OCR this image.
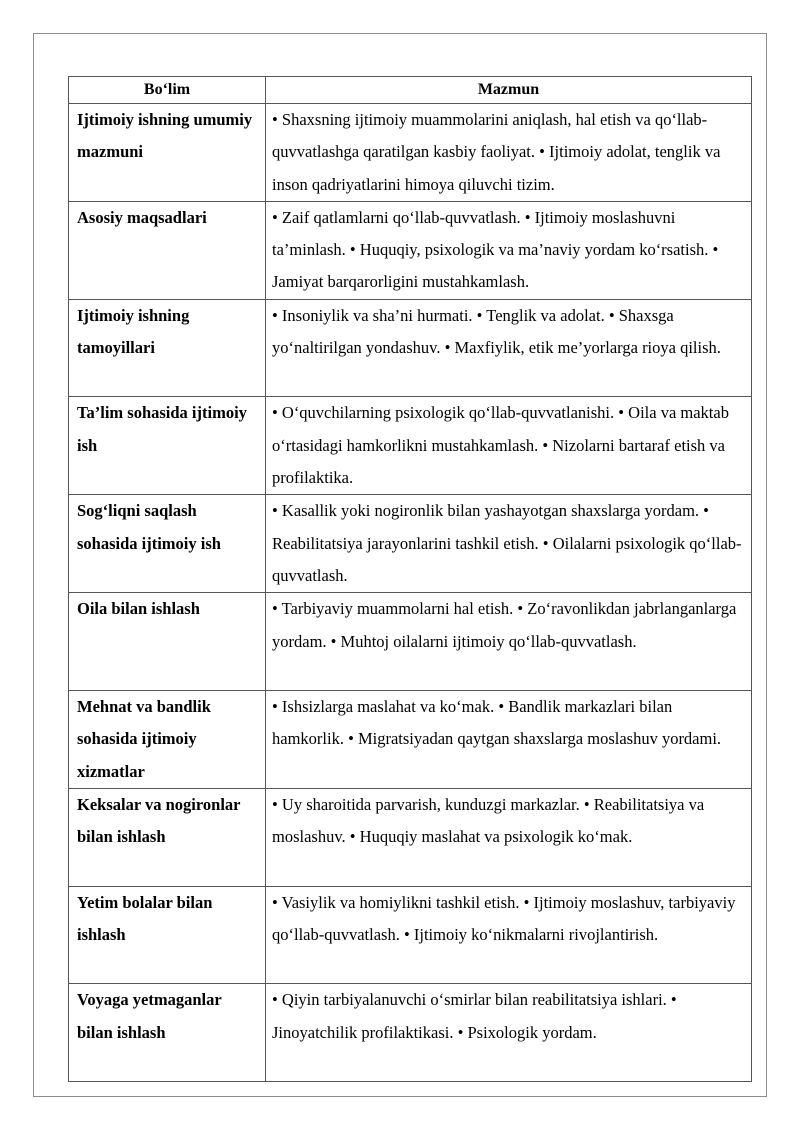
Bo‘lim	Mazmun
Ijtimoiy ishning umumiy mazmuni	• Shaxsning ijtimoiy muammolarini aniqlash, hal etish va qo‘llab-quvvatlashga qaratilgan kasbiy faoliyat. • Ijtimoiy adolat, tenglik va inson qadriyatlarini himoya qiluvchi tizim.
Asosiy maqsadlari	• Zaif qatlamlarni qo‘llab-quvvatlash. • Ijtimoiy moslashuvni ta’minlash. • Huquqiy, psixologik va ma’naviy yordam ko‘rsatish. • Jamiyat barqarorligini mustahkamlash.
Ijtimoiy ishning tamoyillari	• Insoniylik va sha’ni hurmati. • Tenglik va adolat. • Shaxsga yo‘naltirilgan yondashuv. • Maxfiylik, etik me’yorlarga rioya qilish.
Ta’lim sohasida ijtimoiy ish	• O‘quvchilarning psixologik qo‘llab-quvvatlanishi. • Oila va maktab o‘rtasidagi hamkorlikni mustahkamlash. • Nizolarni bartaraf etish va profilaktika.
Sog‘liqni saqlash sohasida ijtimoiy ish	• Kasallik yoki nogironlik bilan yashayotgan shaxslarga yordam. • Reabilitatsiya jarayonlarini tashkil etish. • Oilalarni psixologik qo‘llab-quvvatlash.
Oila bilan ishlash	• Tarbiyaviy muammolarni hal etish. • Zo‘ravonlikdan jabrlanganlarga yordam. • Muhtoj oilalarni ijtimoiy qo‘llab-quvvatlash.
Mehnat va bandlik sohasida ijtimoiy xizmatlar	• Ishsizlarga maslahat va ko‘mak. • Bandlik markazlari bilan hamkorlik. • Migratsiyadan qaytgan shaxslarga moslashuv yordami.
Keksalar va nogironlar bilan ishlash	• Uy sharoitida parvarish, kunduzgi markazlar. • Reabilitatsiya va moslashuv. • Huquqiy maslahat va psixologik ko‘mak.
Yetim bolalar bilan ishlash	• Vasiylik va homiylikni tashkil etish. • Ijtimoiy moslashuv, tarbiyaviy qo‘llab-quvvatlash. • Ijtimoiy ko‘nikmalarni rivojlantirish.
Voyaga yetmaganlar bilan ishlash	• Qiyin tarbiyalanuvchi o‘smirlar bilan reabilitatsiya ishlari. • Jinoyatchilik profilaktikasi. • Psixologik yordam.
